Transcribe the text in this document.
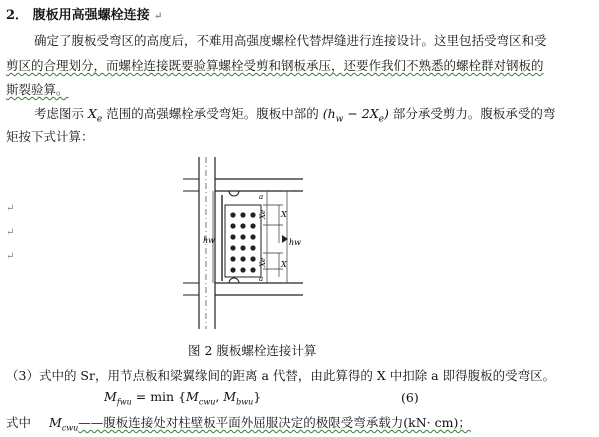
2． 腹板用高强螺栓连接 ↵
确定了腹板受弯区的高度后，不难用高强度螺栓代替焊缝进行连接设计。这里包括受弯区和受
剪区的合理划分，而螺栓连接既要验算螺栓受剪和钢板承压，还要作我们不熟悉的螺栓群对钢板的
斯裂验算。
考虑图示 $X_e$ 范围的高强螺栓承受弯矩。腹板中部的 $(h_w - 2X_e)$ 部分承受剪力。腹板承受的弯
矩按下式计算：
↵
↵
↵
a
Xe X
hw	hw
Xe X
a
图 2 腹板螺栓连接计算
（3）式中的 Sr，用节点板和梁翼缘间的距离 a 代替，由此算得的 X 中扣除 a 即得腹板的受弯区。
$M_{fwu} = \min \{M_{cwu}$, $M_{bwu}$}	(6)
式中 $M_{cwu}——$腹板连接处对柱壁板平面外屈服决定的极限受弯承载力(kN· cm)；
